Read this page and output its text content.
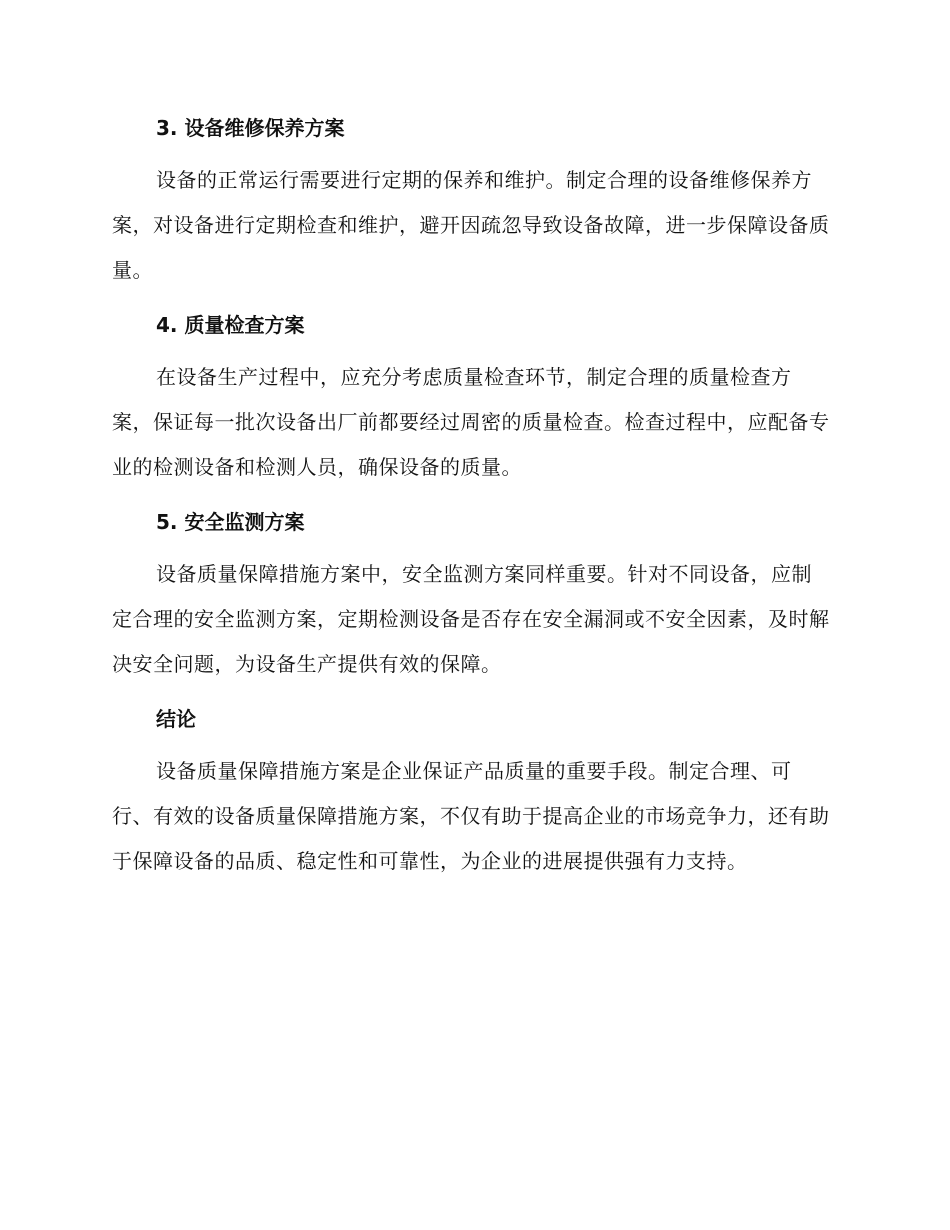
3. 设备维修保养方案

设备的正常运行需要进行定期的保养和维护。制定合理的设备维修保养方案，对设备进行定期检查和维护，避开因疏忽导致设备故障，进一步保障设备质量。

4. 质量检查方案

在设备生产过程中，应充分考虑质量检查环节，制定合理的质量检查方案，保证每一批次设备出厂前都要经过周密的质量检查。检查过程中，应配备专业的检测设备和检测人员，确保设备的质量。

5. 安全监测方案

设备质量保障措施方案中，安全监测方案同样重要。针对不同设备，应制定合理的安全监测方案，定期检测设备是否存在安全漏洞或不安全因素，及时解决安全问题，为设备生产提供有效的保障。

结论

设备质量保障措施方案是企业保证产品质量的重要手段。制定合理、可行、有效的设备质量保障措施方案，不仅有助于提高企业的市场竞争力，还有助于保障设备的品质、稳定性和可靠性，为企业的进展提供强有力支持。
